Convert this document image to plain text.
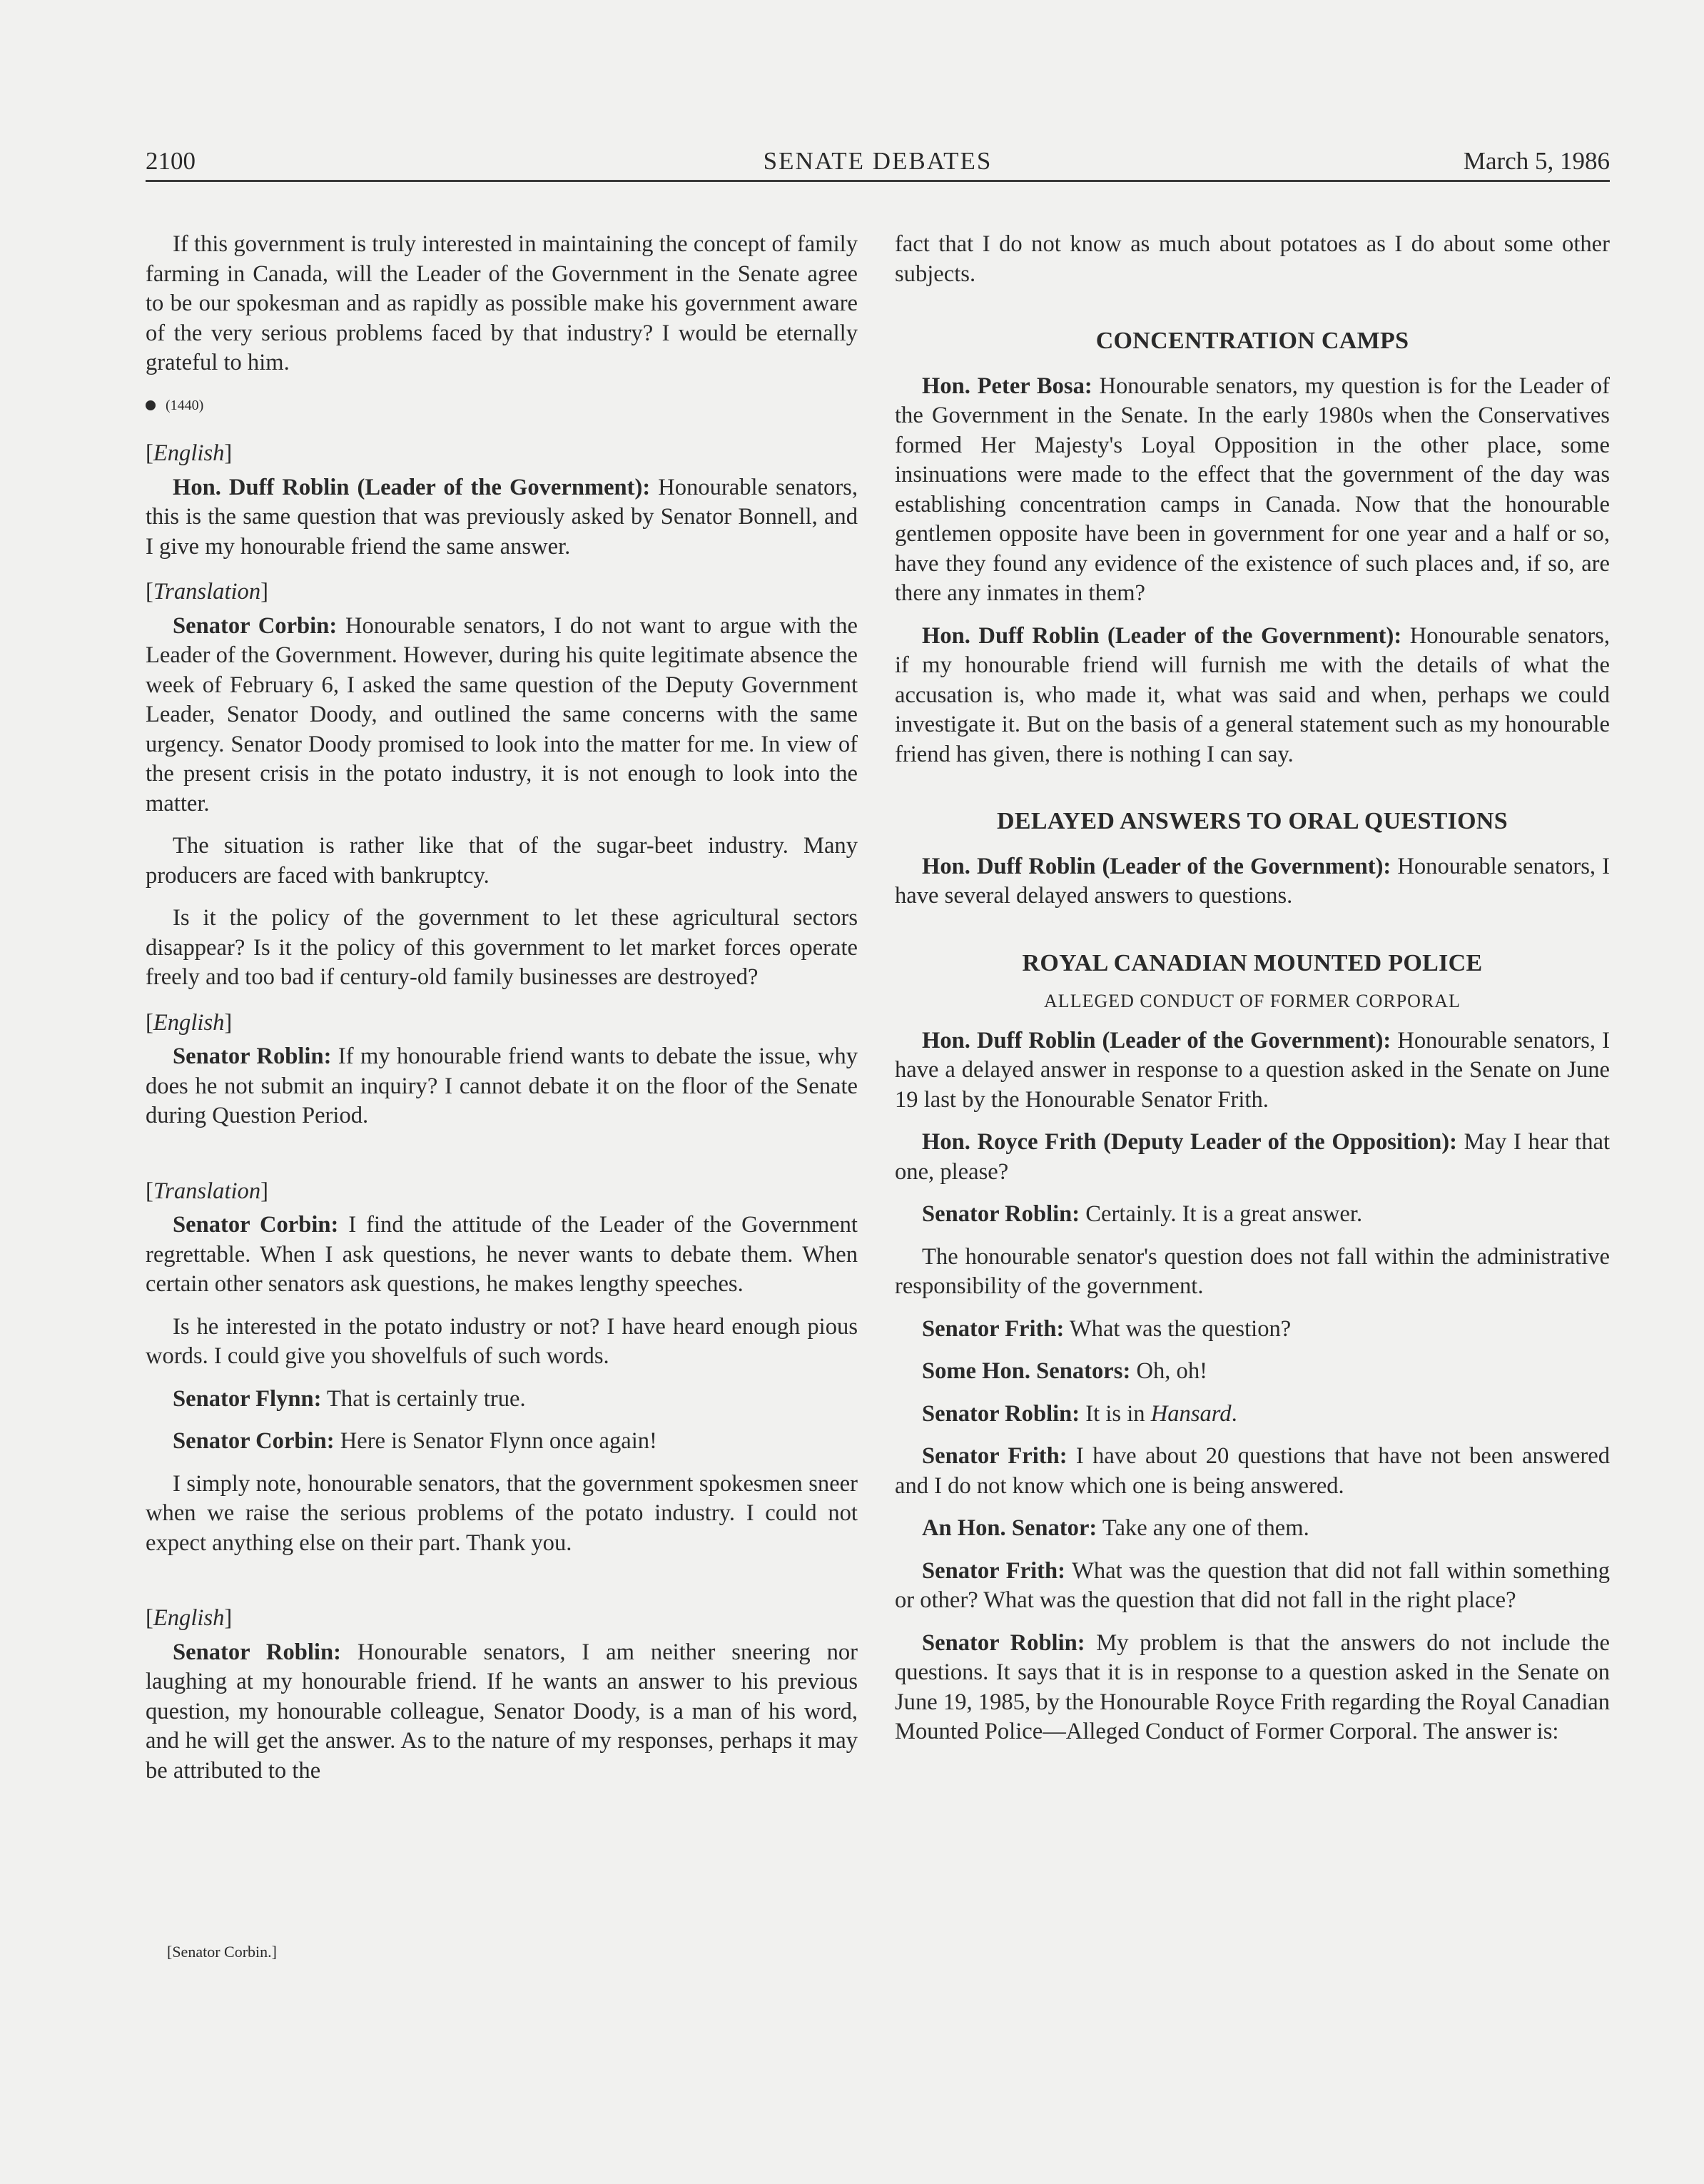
2100	SENATE DEBATES	March 5, 1986

If this government is truly interested in maintaining the concept of family farming in Canada, will the Leader of the Government in the Senate agree to be our spokesman and as rapidly as possible make his government aware of the very serious problems faced by that industry? I would be eternally grateful to him.

(1440)
[English]

Hon. Duff Roblin (Leader of the Government): Honourable senators, this is the same question that was previously asked by Senator Bonnell, and I give my honourable friend the same answer.

[Translation]

Senator Corbin: Honourable senators, I do not want to argue with the Leader of the Government. However, during his quite legitimate absence the week of February 6, I asked the same question of the Deputy Government Leader, Senator Doody, and outlined the same concerns with the same urgency. Senator Doody promised to look into the matter for me. In view of the present crisis in the potato industry, it is not enough to look into the matter.

The situation is rather like that of the sugar-beet industry. Many producers are faced with bankruptcy.

Is it the policy of the government to let these agricultural sectors disappear? Is it the policy of this government to let market forces operate freely and too bad if century-old family businesses are destroyed?

[English]

Senator Roblin: If my honourable friend wants to debate the issue, why does he not submit an inquiry? I cannot debate it on the floor of the Senate during Question Period.

[Translation]

Senator Corbin: I find the attitude of the Leader of the Government regrettable. When I ask questions, he never wants to debate them. When certain other senators ask questions, he makes lengthy speeches.

Is he interested in the potato industry or not? I have heard enough pious words. I could give you shovelfuls of such words.

Senator Flynn: That is certainly true.

Senator Corbin: Here is Senator Flynn once again!

I simply note, honourable senators, that the government spokesmen sneer when we raise the serious problems of the potato industry. I could not expect anything else on their part. Thank you.

[English]

Senator Roblin: Honourable senators, I am neither sneering nor laughing at my honourable friend. If he wants an answer to his previous question, my honourable colleague, Senator Doody, is a man of his word, and he will get the answer. As to the nature of my responses, perhaps it may be attributed to the

[Senator Corbin.]

fact that I do not know as much about potatoes as I do about some other subjects.

CONCENTRATION CAMPS

Hon. Peter Bosa: Honourable senators, my question is for the Leader of the Government in the Senate. In the early 1980s when the Conservatives formed Her Majesty's Loyal Opposition in the other place, some insinuations were made to the effect that the government of the day was establishing concentration camps in Canada. Now that the honourable gentlemen opposite have been in government for one year and a half or so, have they found any evidence of the existence of such places and, if so, are there any inmates in them?

Hon. Duff Roblin (Leader of the Government): Honourable senators, if my honourable friend will furnish me with the details of what the accusation is, who made it, what was said and when, perhaps we could investigate it. But on the basis of a general statement such as my honourable friend has given, there is nothing I can say.

DELAYED ANSWERS TO ORAL QUESTIONS

Hon. Duff Roblin (Leader of the Government): Honourable senators, I have several delayed answers to questions.

ROYAL CANADIAN MOUNTED POLICE
ALLEGED CONDUCT OF FORMER CORPORAL

Hon. Duff Roblin (Leader of the Government): Honourable senators, I have a delayed answer in response to a question asked in the Senate on June 19 last by the Honourable Senator Frith.

Hon. Royce Frith (Deputy Leader of the Opposition): May I hear that one, please?

Senator Roblin: Certainly. It is a great answer.

The honourable senator's question does not fall within the administrative responsibility of the government.

Senator Frith: What was the question?

Some Hon. Senators: Oh, oh!

Senator Roblin: It is in Hansard.

Senator Frith: I have about 20 questions that have not been answered and I do not know which one is being answered.

An Hon. Senator: Take any one of them.

Senator Frith: What was the question that did not fall within something or other? What was the question that did not fall in the right place?

Senator Roblin: My problem is that the answers do not include the questions. It says that it is in response to a question asked in the Senate on June 19, 1985, by the Honourable Royce Frith regarding the Royal Canadian Mounted Police—Alleged Conduct of Former Corporal. The answer is:
